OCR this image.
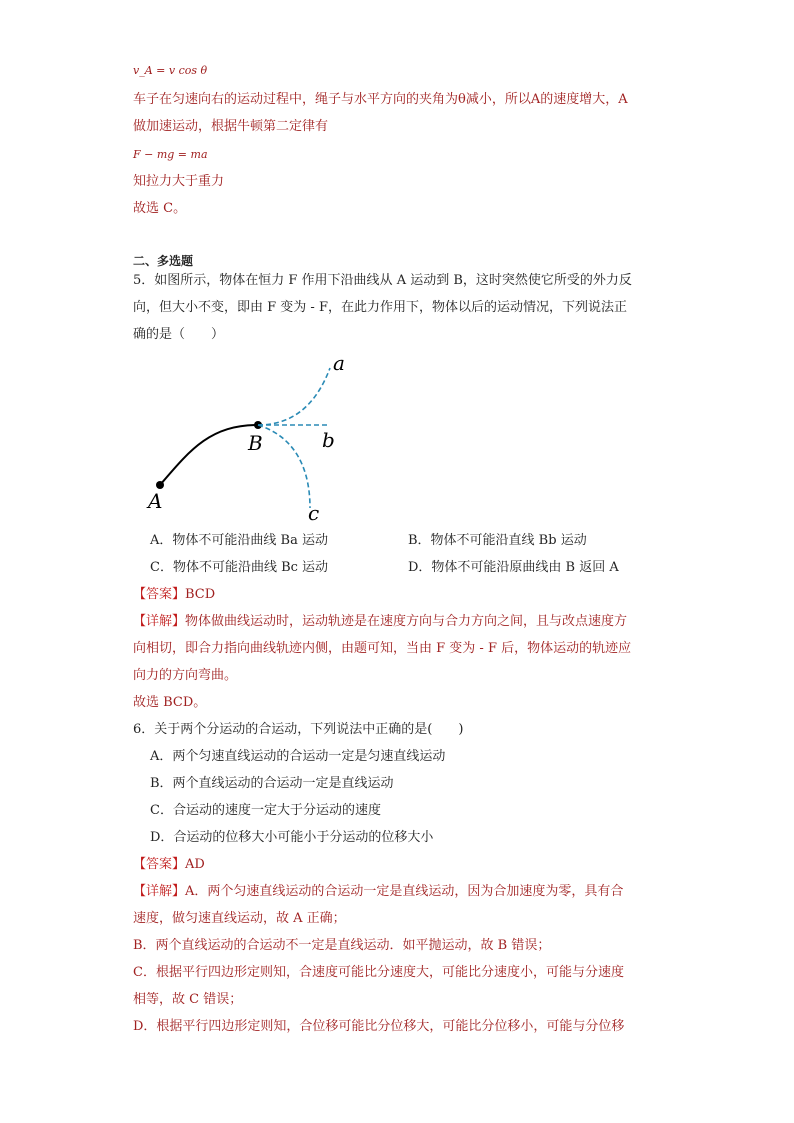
v_A = v cos θ
车子在匀速向右的运动过程中，绳子与水平方向的夹角为θ减小，所以A的速度增大，A
做加速运动，根据牛顿第二定律有
F − mg = ma
知拉力大于重力
故选 C。
二、多选题
5．如图所示，物体在恒力 F 作用下沿曲线从 A 运动到 B，这时突然使它所受的外力反
向，但大小不变，即由 F 变为 - F，在此力作用下，物体以后的运动情况，下列说法正
确的是（　　）
a
b
c
A
B
A．物体不可能沿曲线 Ba 运动	B．物体不可能沿直线 Bb 运动
C．物体不可能沿曲线 Bc 运动	D．物体不可能沿原曲线由 B 返回 A
【答案】BCD
【详解】物体做曲线运动时，运动轨迹是在速度方向与合力方向之间，且与改点速度方
向相切，即合力指向曲线轨迹内侧，由题可知，当由 F 变为 - F 后，物体运动的轨迹应
向力的方向弯曲。
故选 BCD。
6．关于两个分运动的合运动，下列说法中正确的是(　　)
A．两个匀速直线运动的合运动一定是匀速直线运动
B．两个直线运动的合运动一定是直线运动
C．合运动的速度一定大于分运动的速度
D．合运动的位移大小可能小于分运动的位移大小
【答案】AD
【详解】A．两个匀速直线运动的合运动一定是直线运动，因为合加速度为零，具有合
速度，做匀速直线运动，故 A 正确；
B．两个直线运动的合运动不一定是直线运动．如平抛运动，故 B 错误；
C．根据平行四边形定则知，合速度可能比分速度大，可能比分速度小，可能与分速度
相等，故 C 错误；
D．根据平行四边形定则知，合位移可能比分位移大，可能比分位移小，可能与分位移
